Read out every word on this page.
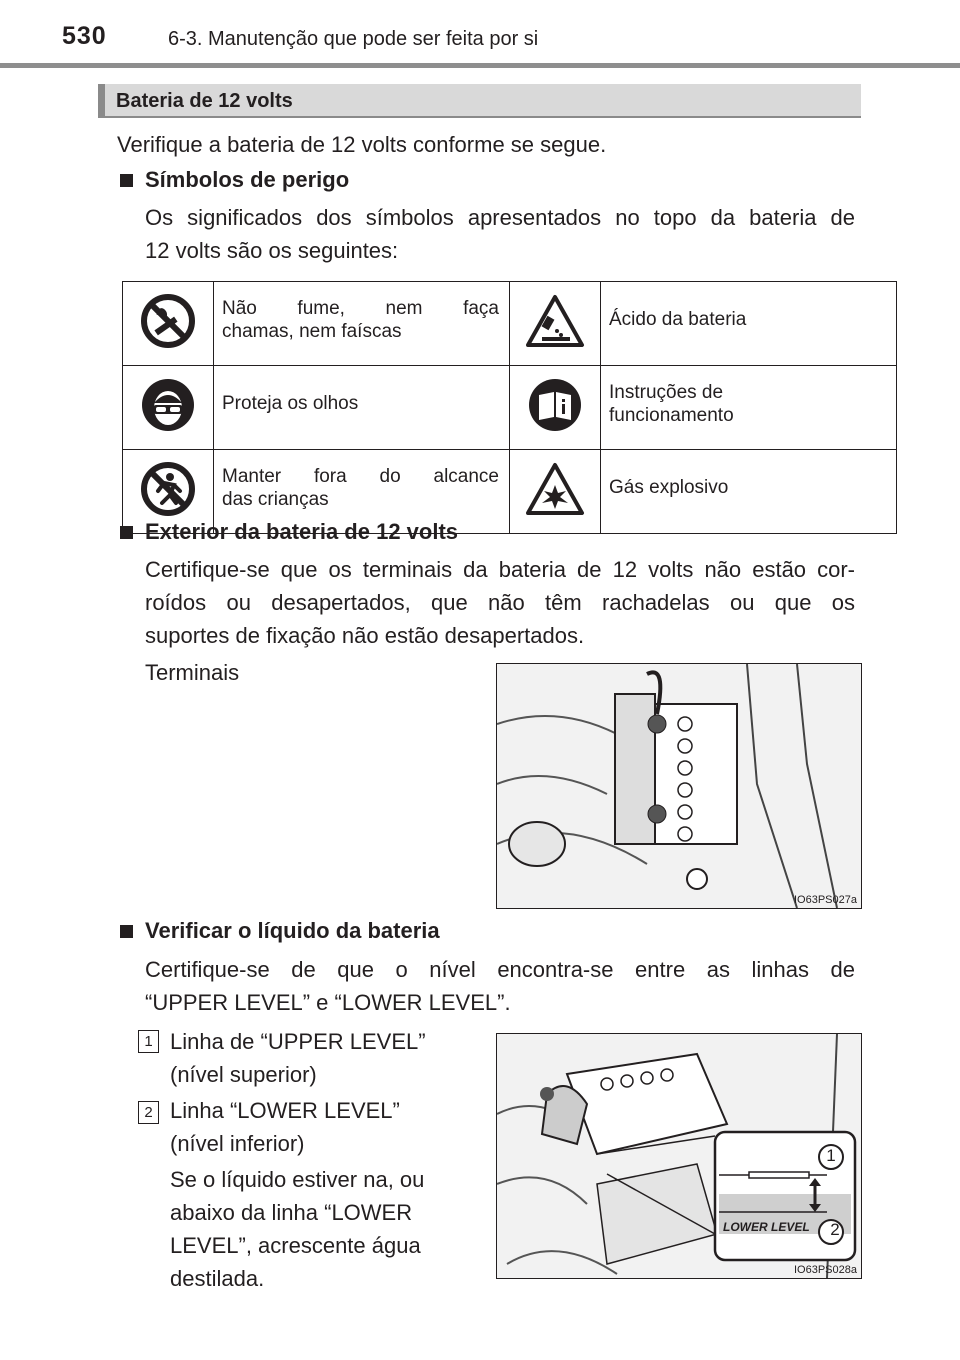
530	6-3. Manutenção que pode ser feita por si
Bateria de 12 volts
Verifique a bateria de 12 volts conforme se segue.
Símbolos de perigo
Os significados dos símbolos apresentados no topo da bateria de
12 volts são os seguintes:

Não fume, nem faça
chamas, nem faíscas		Ácido da bateria

Proteja os olhos		Instruções de
funcionamento

Manter fora do alcance
das crianças		Gás explosivo
Exterior da bateria de 12 volts
Certifique-se que os terminais da bateria de 12 volts não estão cor-
roídos ou desapertados, que não têm rachadelas ou que os
suportes de fixação não estão desapertados.
Terminais
IO63PS027a
Verificar o líquido da bateria
Certifique-se de que o nível encontra-se entre as linhas de
“UPPER LEVEL” e “LOWER LEVEL”.
1 Linha de “UPPER LEVEL”
(nível superior)
2 Linha “LOWER LEVEL”
(nível inferior)
Se o líquido estiver na, ou
abaixo da linha “LOWER
LEVEL”, acrescente água
destilada.
1
2
LOWER LEVEL
IO63PS028a
